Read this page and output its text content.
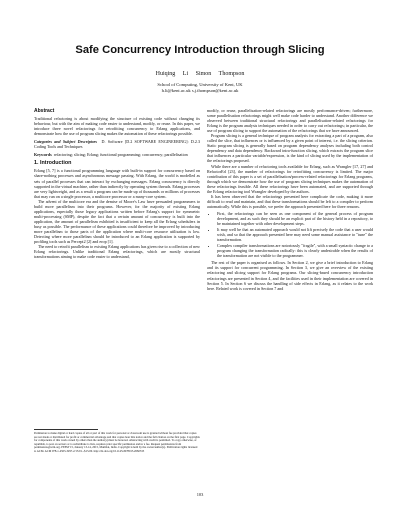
Safe Concurrency Introduction through Slicing
Huiqing Li Simon Thompson
School of Computing, University of Kent, UK
h.li@kent.ac.uk s.j.thompson@kent.ac.uk
Abstract

Traditional refactoring is about modifying the structure of existing code without changing its behaviour, but with the aim of making code easier to understand, modify, or reuse. In this paper, we introduce three novel refactorings for retrofitting concurrency to Erlang applications, and demonstrate how the use of program slicing makes the automation of these refactorings possible.

Categories and Subject Descriptors D. Software [D.2 SOFTWARE ENGINEERING]: D.2.3 Coding Tools and Techniques

Keywords refactoring; slicing; Erlang; functional programming; concurrency; parallelisation

1. Introduction

Erlang [5, 7] is a functional programming language with built-in support for concurrency based on share-nothing processes and asynchronous message passing. With Erlang, the world is modelled as sets of parallel processes that can interact by exchanging messages. Erlang concurrency is directly supported in the virtual machine, rather than indirectly by operating system threads. Erlang processes are very lightweight, and as a result a program can be made up of thousands or millions of processes that may run on a single processor, a multicore processor or a many-core system.

The advent of the multicore era and the demise of Moore's Law have persuaded programmers to build more parallelism into their programs. However, for the majority of existing Erlang applications, especially those legacy applications written before Erlang's support for symmetric multi-processing (SMP), despite the fact that a certain amount of concurrency is built into the application, the amount of parallelism exhibited is insufficient to keep all the Erlang schedulers in busy as possible. The performance of these applications could therefore be improved by introducing more parallelism to those parts of the application where multi-core resource utilisation is low. Detecting where more parallelism should be introduced to an Erlang application is supported by profiling tools such as Percept2 [2] and erop [1].

The need to retrofit parallelism to existing Erlang applications has given rise to a collection of new Erlang refactorings. Unlike traditional Erlang refactorings, which are mostly structural transformations aiming to make code easier to understand,

Permission to make digital or hard copies of all or part of this work for personal or classroom use is granted without fee provided that copies are not made or distributed for profit or commercial advantage and that copies bear this notice and the full citation on the first page. Copyrights for components of this work owned by others than the author(s) must be honored. Abstracting with credit is permitted. To copy otherwise, or republish, to post on servers or to redistribute to lists, requires prior specific permission and/or a fee. Request permissions from permissions@acm.org. PEPM '15, January 13-14, 2015, Mumbai, India. Copyright is held by the owner/author(s). Publication rights licensed to ACM. ACM 978-1-4503-3297-2/15/01...$15.00. http://dx.doi.org/10.1145/2678015.2682533

modify, or reuse, parallelisation-related refactorings are mostly performance-driven; furthermore, some parallelisation refactorings might well make code harder to understand. Another difference we observed between traditional structural refactorings and parallelisation-related refactorings for Erlang is the program analysis techniques needed in order to carry out refactorings; in particular, the use of program slicing to support the automation of the refactorings that we have announced.

Program slicing is a general technique of program analysis for extracting a part of a program, also called the slice, that influences or is influenced by a given point of interest, i.e. the slicing criterion. Static program slicing is generally based on program dependency analyses including both control dependency and data dependency. Backward intra-function slicing, which extracts the program slice that influences a particular variable/expression, is the kind of slicing used by the implementation of the refactorings proposed.

While there are a number of refactoring tools available for Erlang, such as Wrangler [17, 27] and RefactorErl [23], the number of refactorings for retrofitting concurrency is limited. The major contribution of this paper is a set of parallelisation/process-related refactorings for Erlang programs, through which we demonstrate how the use of program slicing techniques makes the automation of these refactorings feasible. All these refactorings have been automated, and are supported through the Erlang refactoring tool Wrangler developed by the authors.

It has been observed that the refactorings presented here complicate the code, making it more difficult to read and maintain, and that these transformations should be left to a compiler to perform automatically. While this is possible, we prefer the approach presented here for three reasons.

• First, the refactorings can be seen as one component of the general process of program development, and as such they should be an explicit part of the history held in a repository, to be maintained together with other development steps.
• It may well be that an automated approach would not lift precisely the code that a user would wish, and so that the approach presented here may need some manual assistance to "tune" the transformation.
• Complex compiler transformations are notoriously "fragile", with a small syntactic change to a program changing the transformation radically: this is clearly undesirable when the results of the transformation are not visible to the programmer.

The rest of the paper is organised as follows. In Section 2, we give a brief introduction to Erlang and its support for concurrent programming. In Section 3, we give an overview of the existing refactoring and slicing support for Erlang programs. Our slicing-based concurrency introduction refactorings are presented in Section 4, and the facilities used in their implementation are covered in Section 5. In Section 6 we discuss the handling of side effects in Erlang, as it relates to the work here. Related work is covered in Section 7 and

103
